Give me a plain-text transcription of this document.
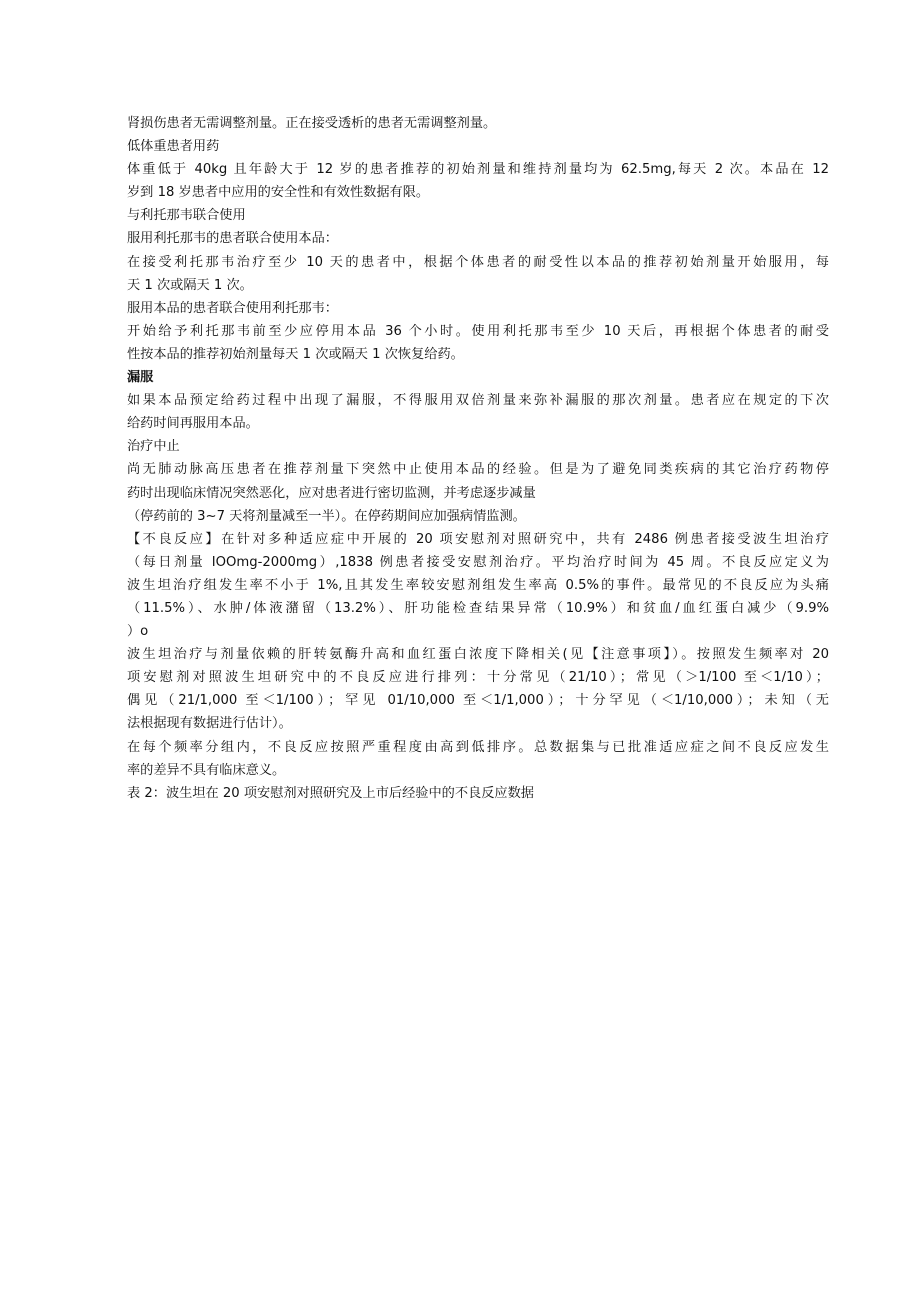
肾损伤患者无需调整剂量。正在接受透析的患者无需调整剂量。
低体重患者用药
体重低于 40kg 且年龄大于 12 岁的患者推荐的初始剂量和维持剂量均为 62.5mg,每天 2 次。本品在 12
岁到 18 岁患者中应用的安全性和有效性数据有限。
与利托那韦联合使用
服用利托那韦的患者联合使用本品：
在接受利托那韦治疗至少 10 天的患者中，根据个体患者的耐受性以本品的推荐初始剂量开始服用，每
天 1 次或隔天 1 次。
服用本品的患者联合使用利托那韦：
开始给予利托那韦前至少应停用本品 36 个小时。使用利托那韦至少 10 天后，再根据个体患者的耐受
性按本品的推荐初始剂量每天 1 次或隔天 1 次恢复给药。
漏服
如果本品预定给药过程中出现了漏服，不得服用双倍剂量来弥补漏服的那次剂量。患者应在规定的下次
给药时间再服用本品。
治疗中止
尚无肺动脉高压患者在推荐剂量下突然中止使用本品的经验。但是为了避免同类疾病的其它治疗药物停
药时出现临床情况突然恶化，应对患者进行密切监测，并考虑逐步减量
（停药前的 3~7 天将剂量减至一半）。在停药期间应加强病情监测。
【不良反应】在针对多种适应症中开展的 20 项安慰剂对照研究中，共有 2486 例患者接受波生坦治疗
（每日剂量 IOOmg-2000mg）,1838 例患者接受安慰剂治疗。平均治疗时间为 45 周。不良反应定义为
波生坦治疗组发生率不小于 1%,且其发生率较安慰剂组发生率高 0.5%的事件。最常见的不良反应为头痛
（11.5%）、水肿/体液潴留（13.2%）、肝功能检查结果异常（10.9%）和贫血/血红蛋白减少（9.9%
）o
波生坦治疗与剂量依赖的肝转氨酶升高和血红蛋白浓度下降相关(见【注意事项】）。按照发生频率对 20
项安慰剂对照波生坦研究中的不良反应进行排列：十分常见（21/10）；常见（＞1/100 至＜1/10）；
偶见（21/1,000 至＜1/100）；罕见 01/10,000 至＜1/1,000）；十分罕见（＜1/10,000）；未知（无
法根据现有数据进行估计）。
在每个频率分组内，不良反应按照严重程度由高到低排序。总数据集与已批准适应症之间不良反应发生
率的差异不具有临床意义。
表 2：波生坦在 20 项安慰剂对照研究及上市后经验中的不良反应数据
